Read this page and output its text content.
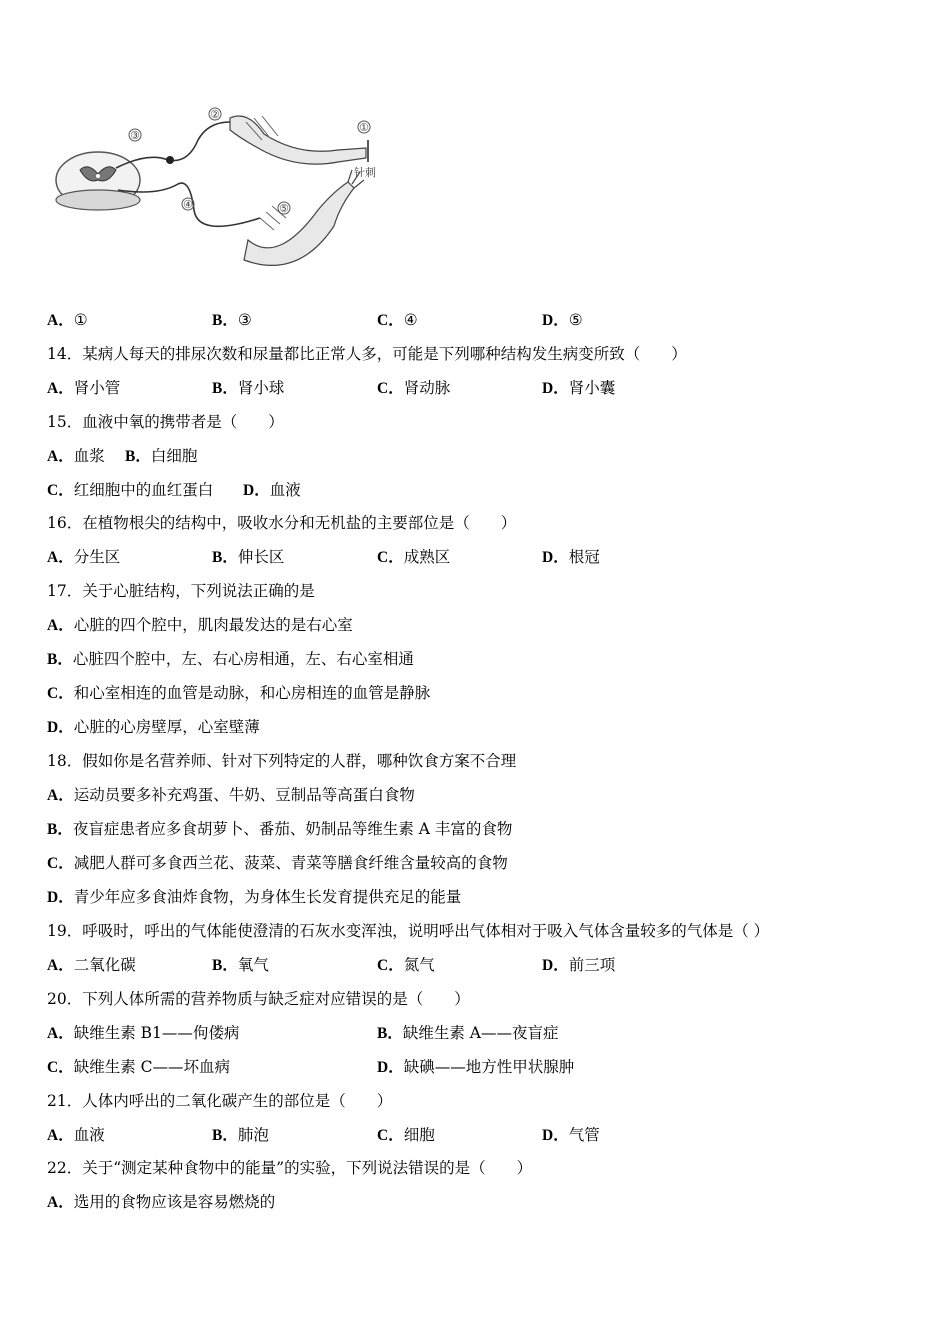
③
②
①
④	⑤
针刺
A．①	B．③	C．④	D．⑤
14．某病人每天的排尿次数和尿量都比正常人多，可能是下列哪种结构发生病变所致（　　）
A．肾小管	B．肾小球	C．肾动脉	D．肾小囊
15．血液中氧的携带者是（　　）
A．血浆 B．白细胞
C．红细胞中的血红蛋白 D．血液
16．在植物根尖的结构中，吸收水分和无机盐的主要部位是（　　）
A．分生区	B．伸长区	C．成熟区	D．根冠
17．关于心脏结构，下列说法正确的是
A．心脏的四个腔中，肌肉最发达的是右心室
B．心脏四个腔中，左、右心房相通，左、右心室相通
C．和心室相连的血管是动脉，和心房相连的血管是静脉
D．心脏的心房壁厚，心室壁薄
18．假如你是名营养师、针对下列特定的人群，哪种饮食方案不合理
A．运动员要多补充鸡蛋、牛奶、豆制品等高蛋白食物
B．夜盲症患者应多食胡萝卜、番茄、奶制品等维生素 A 丰富的食物
C．减肥人群可多食西兰花、菠菜、青菜等膳食纤维含量较高的食物
D．青少年应多食油炸食物，为身体生长发育提供充足的能量
19．呼吸时，呼出的气体能使澄清的石灰水变浑浊，说明呼出气体相对于吸入气体含量较多的气体是（ ）
A．二氧化碳	B．氧气	C．氮气	D．前三项
20．下列人体所需的营养物质与缺乏症对应错误的是（　　）
A．缺维生素 B1——佝偻病	B．缺维生素 A——夜盲症
C．缺维生素 C——坏血病	D．缺碘——地方性甲状腺肿
21．人体内呼出的二氧化碳产生的部位是（　　）
A．血液	B．肺泡	C．细胞	D．气管
22．关于“测定某种食物中的能量”的实验，下列说法错误的是（　　）
A．选用的食物应该是容易燃烧的
